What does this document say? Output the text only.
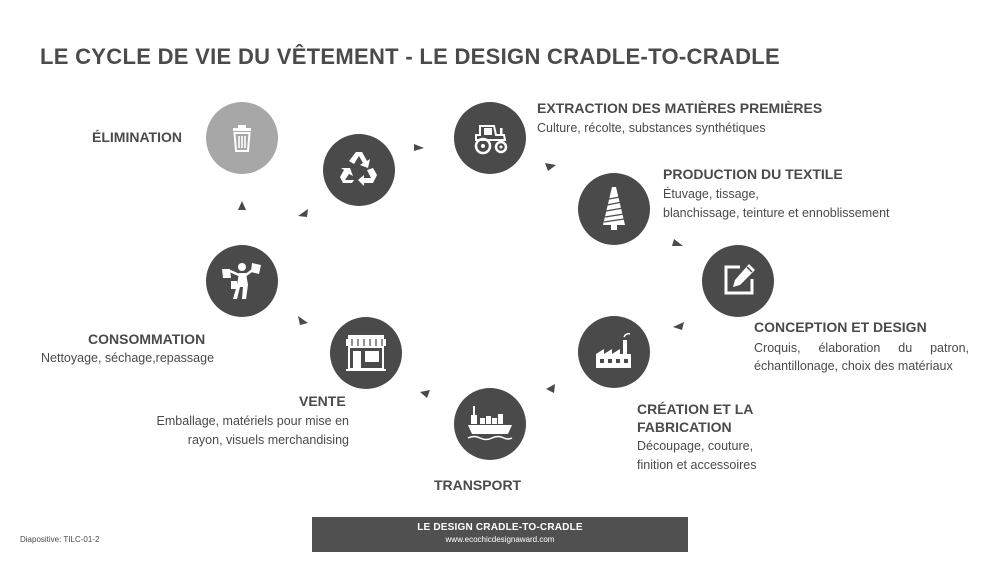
LE CYCLE DE VIE DU VÊTEMENT - LE DESIGN CRADLE-TO-CRADLE
ÉLIMINATION
EXTRACTION DES MATIÈRES PREMIÈRES
Culture, récolte, substances synthétiques
PRODUCTION DU TEXTILE
Étuvage, tissage,
blanchissage, teinture et ennoblissement
CONCEPTION ET DESIGN
Croquis, élaboration du patron,
échantillonage, choix des matériaux
CRÉATION ET LA
FABRICATION
Découpage, couture,
finition et accessoires
TRANSPORT
VENTE
Emballage, matériels pour mise en
rayon, visuels merchandising
CONSOMMATION
Nettoyage, séchage,repassage
LE DESIGN CRADLE-TO-CRADLE
www.ecochicdesignaward.com
Diapositive: TILC-01-2
